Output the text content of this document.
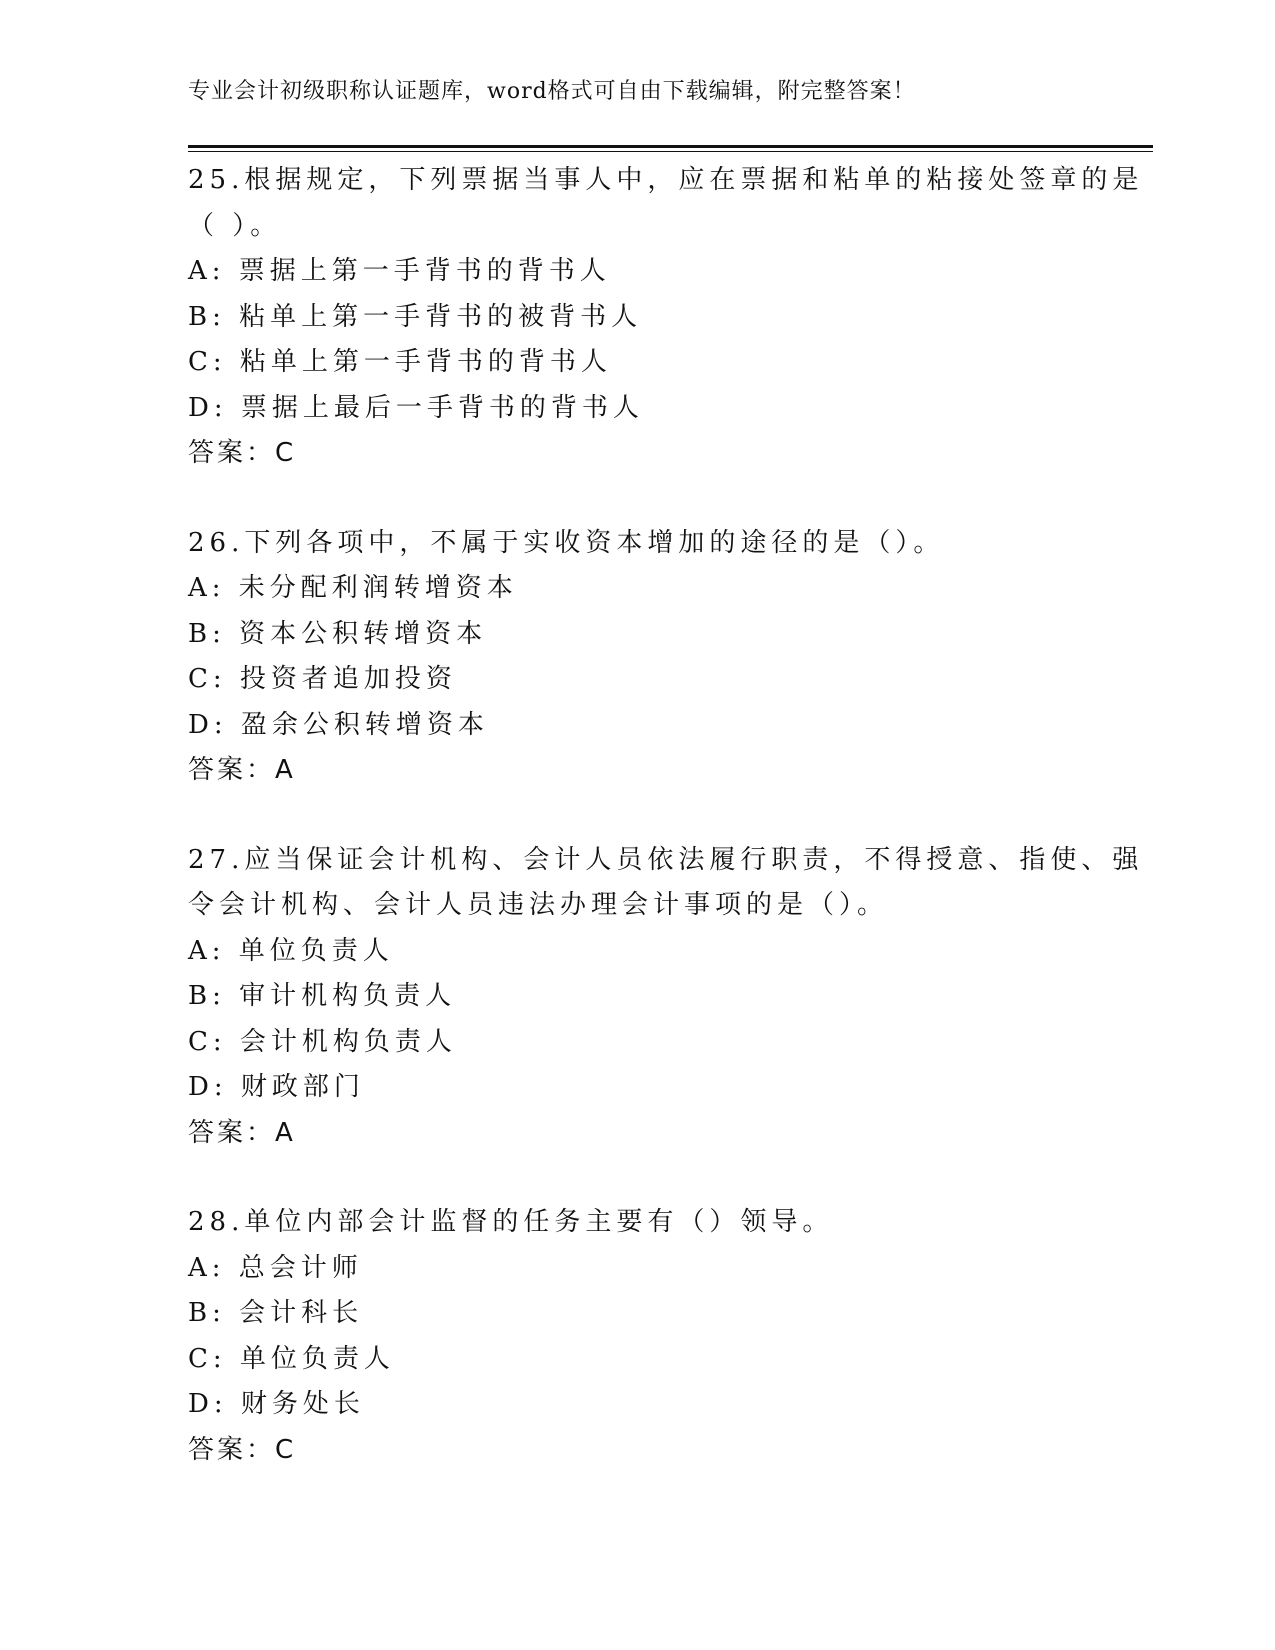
专业会计初级职称认证题库，word格式可自由下载编辑，附完整答案！
25.根据规定，下列票据当事人中，应在票据和粘单的粘接处签章的是
（ ）。
A: 票据上第一手背书的背书人
B: 粘单上第一手背书的被背书人
C: 粘单上第一手背书的背书人
D: 票据上最后一手背书的背书人
答案：C
26.下列各项中，不属于实收资本增加的途径的是（）。
A: 未分配利润转增资本
B: 资本公积转增资本
C: 投资者追加投资
D: 盈余公积转增资本
答案：A
27.应当保证会计机构、会计人员依法履行职责，不得授意、指使、强
令会计机构、会计人员违法办理会计事项的是（）。
A: 单位负责人
B: 审计机构负责人
C: 会计机构负责人
D: 财政部门
答案：A
28.单位内部会计监督的任务主要有（）领导。
A: 总会计师
B: 会计科长
C: 单位负责人
D: 财务处长
答案：C
